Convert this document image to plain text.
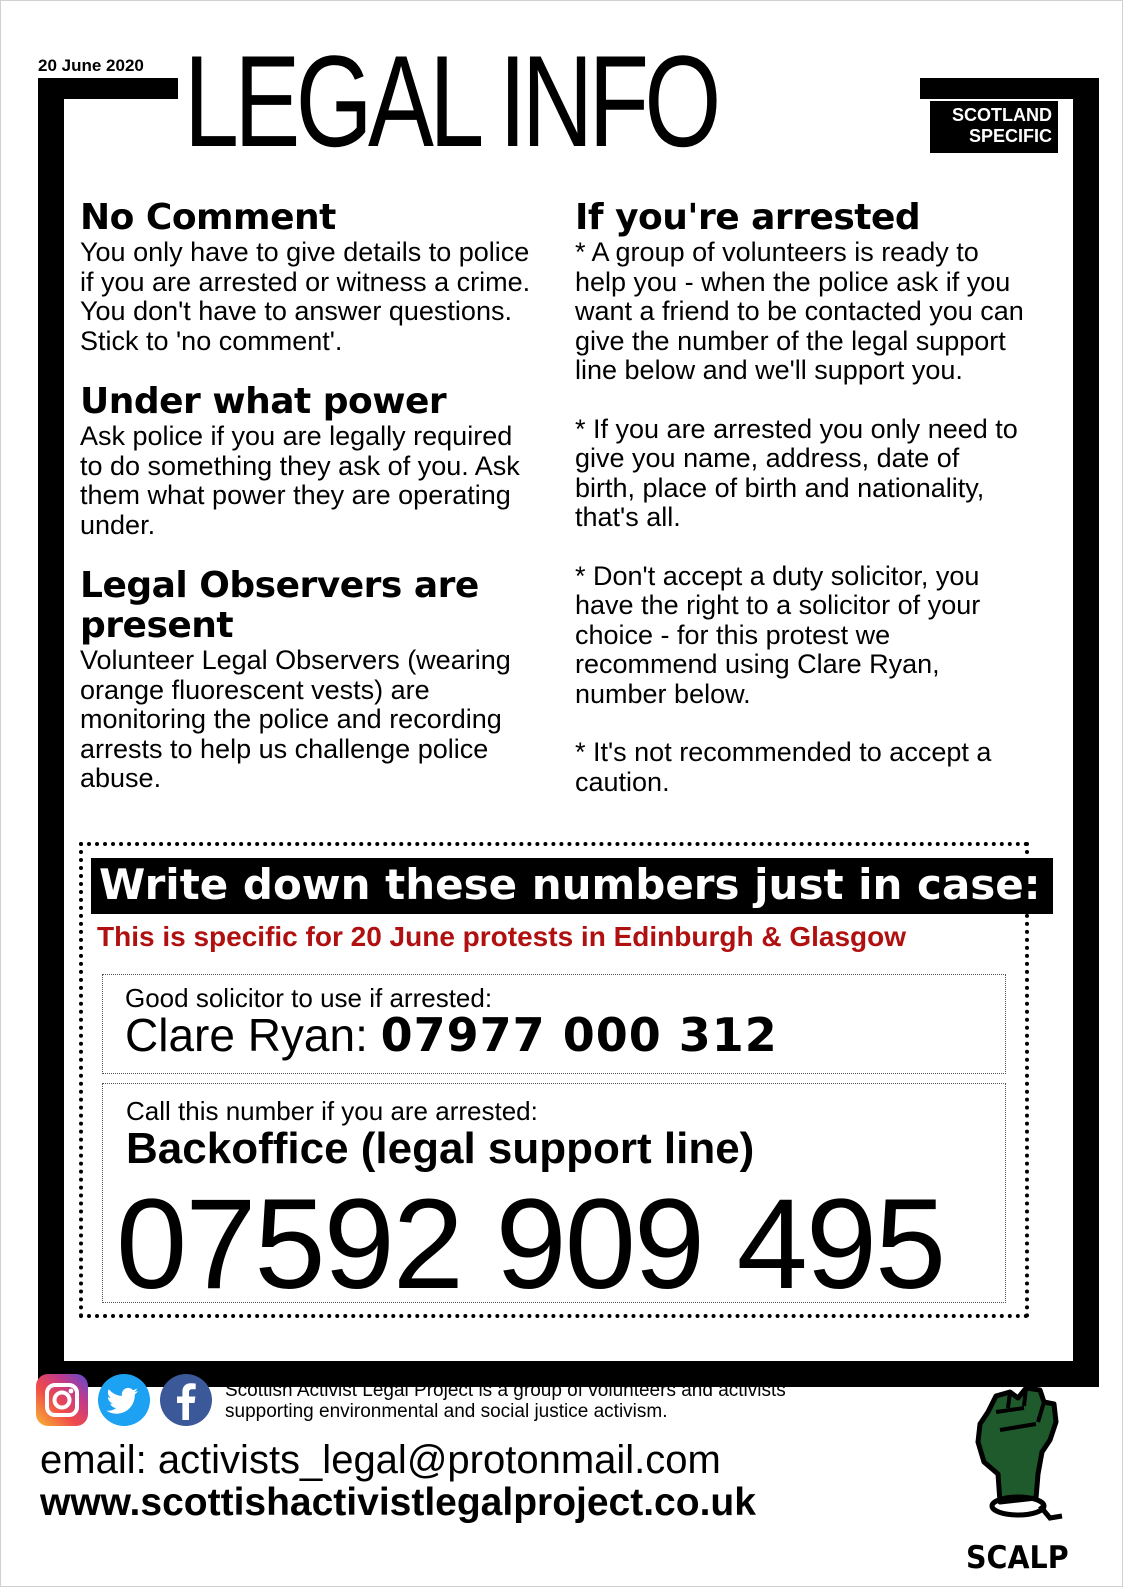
20 June 2020 LEGAL INFO	SCOTLAND
SPECIFIC
No Comment

You only have to give details to police if you are arrested or witness a crime. You don't have to answer questions. Stick to 'no comment'.

Under what power

Ask police if you are legally required to do something they ask of you. Ask them what power they are operating under.

Legal Observers are present

Volunteer Legal Observers (wearing orange fluorescent vests) are monitoring the police and recording arrests to help us challenge police abuse.

If you're arrested

* A group of volunteers is ready to help you - when the police ask if you want a friend to be contacted you can give the number of the legal support line below and we'll support you.

* If you are arrested you only need to give you name, address, date of birth, place of birth and nationality, that's all.

* Don't accept a duty solicitor, you have the right to a solicitor of your choice - for this protest we recommend using Clare Ryan, number below.

* It's not recommended to accept a caution.

Write down these numbers just in case:
This is specific for 20 June protests in Edinburgh & Glasgow
Good solicitor to use if arrested:
Clare Ryan: 07977 000 312
Call this number if you are arrested:
Backoffice (legal support line)
07592 909 495
Scottish Activist Legal Project is a group of volunteers and activists supporting environmental and social justice activism.
email: activists_legal@protonmail.com
www.scottishactivistlegalproject.co.uk
SCALP
